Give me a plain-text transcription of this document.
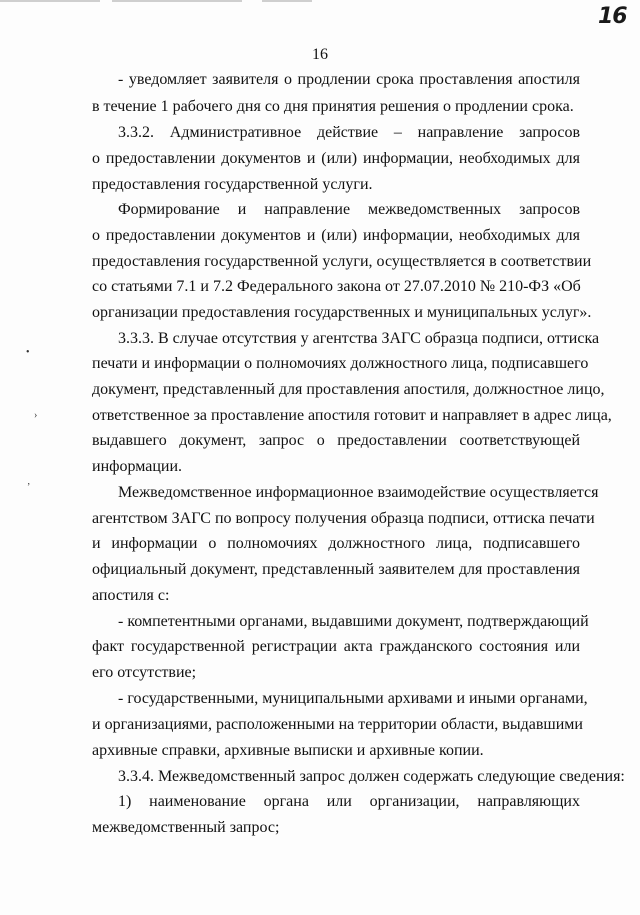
16
16
- уведомляет заявителя о продлении срока проставления апостиля
в течение 1 рабочего дня со дня принятия решения о продлении срока.
3.3.2. Административное действие – направление запросов
о предоставлении документов и (или) информации, необходимых для
предоставления государственной услуги.
Формирование и направление межведомственных запросов
о предоставлении документов и (или) информации, необходимых для
предоставления государственной услуги, осуществляется в соответствии
со статьями 7.1 и 7.2 Федерального закона от 27.07.2010 № 210-ФЗ «Об
организации предоставления государственных и муниципальных услуг».
3.3.3. В случае отсутствия у агентства ЗАГС образца подписи, оттиска
печати и информации о полномочиях должностного лица, подписавшего
документ, представленный для проставления апостиля, должностное лицо,
ответственное за проставление апостиля готовит и направляет в адрес лица,
выдавшего документ, запрос о предоставлении соответствующей
информации.
Межведомственное информационное взаимодействие осуществляется
агентством ЗАГС по вопросу получения образца подписи, оттиска печати
и информации о полномочиях должностного лица, подписавшего
официальный документ, представленный заявителем для проставления
апостиля с:
- компетентными органами, выдавшими документ, подтверждающий
факт государственной регистрации акта гражданского состояния или
его отсутствие;
- государственными, муниципальными архивами и иными органами,
и организациями, расположенными на территории области, выдавшими
архивные справки, архивные выписки и архивные копии.
3.3.4. Межведомственный запрос должен содержать следующие сведения:
1) наименование органа или организации, направляющих
межведомственный запрос;
•
›
ʼ
